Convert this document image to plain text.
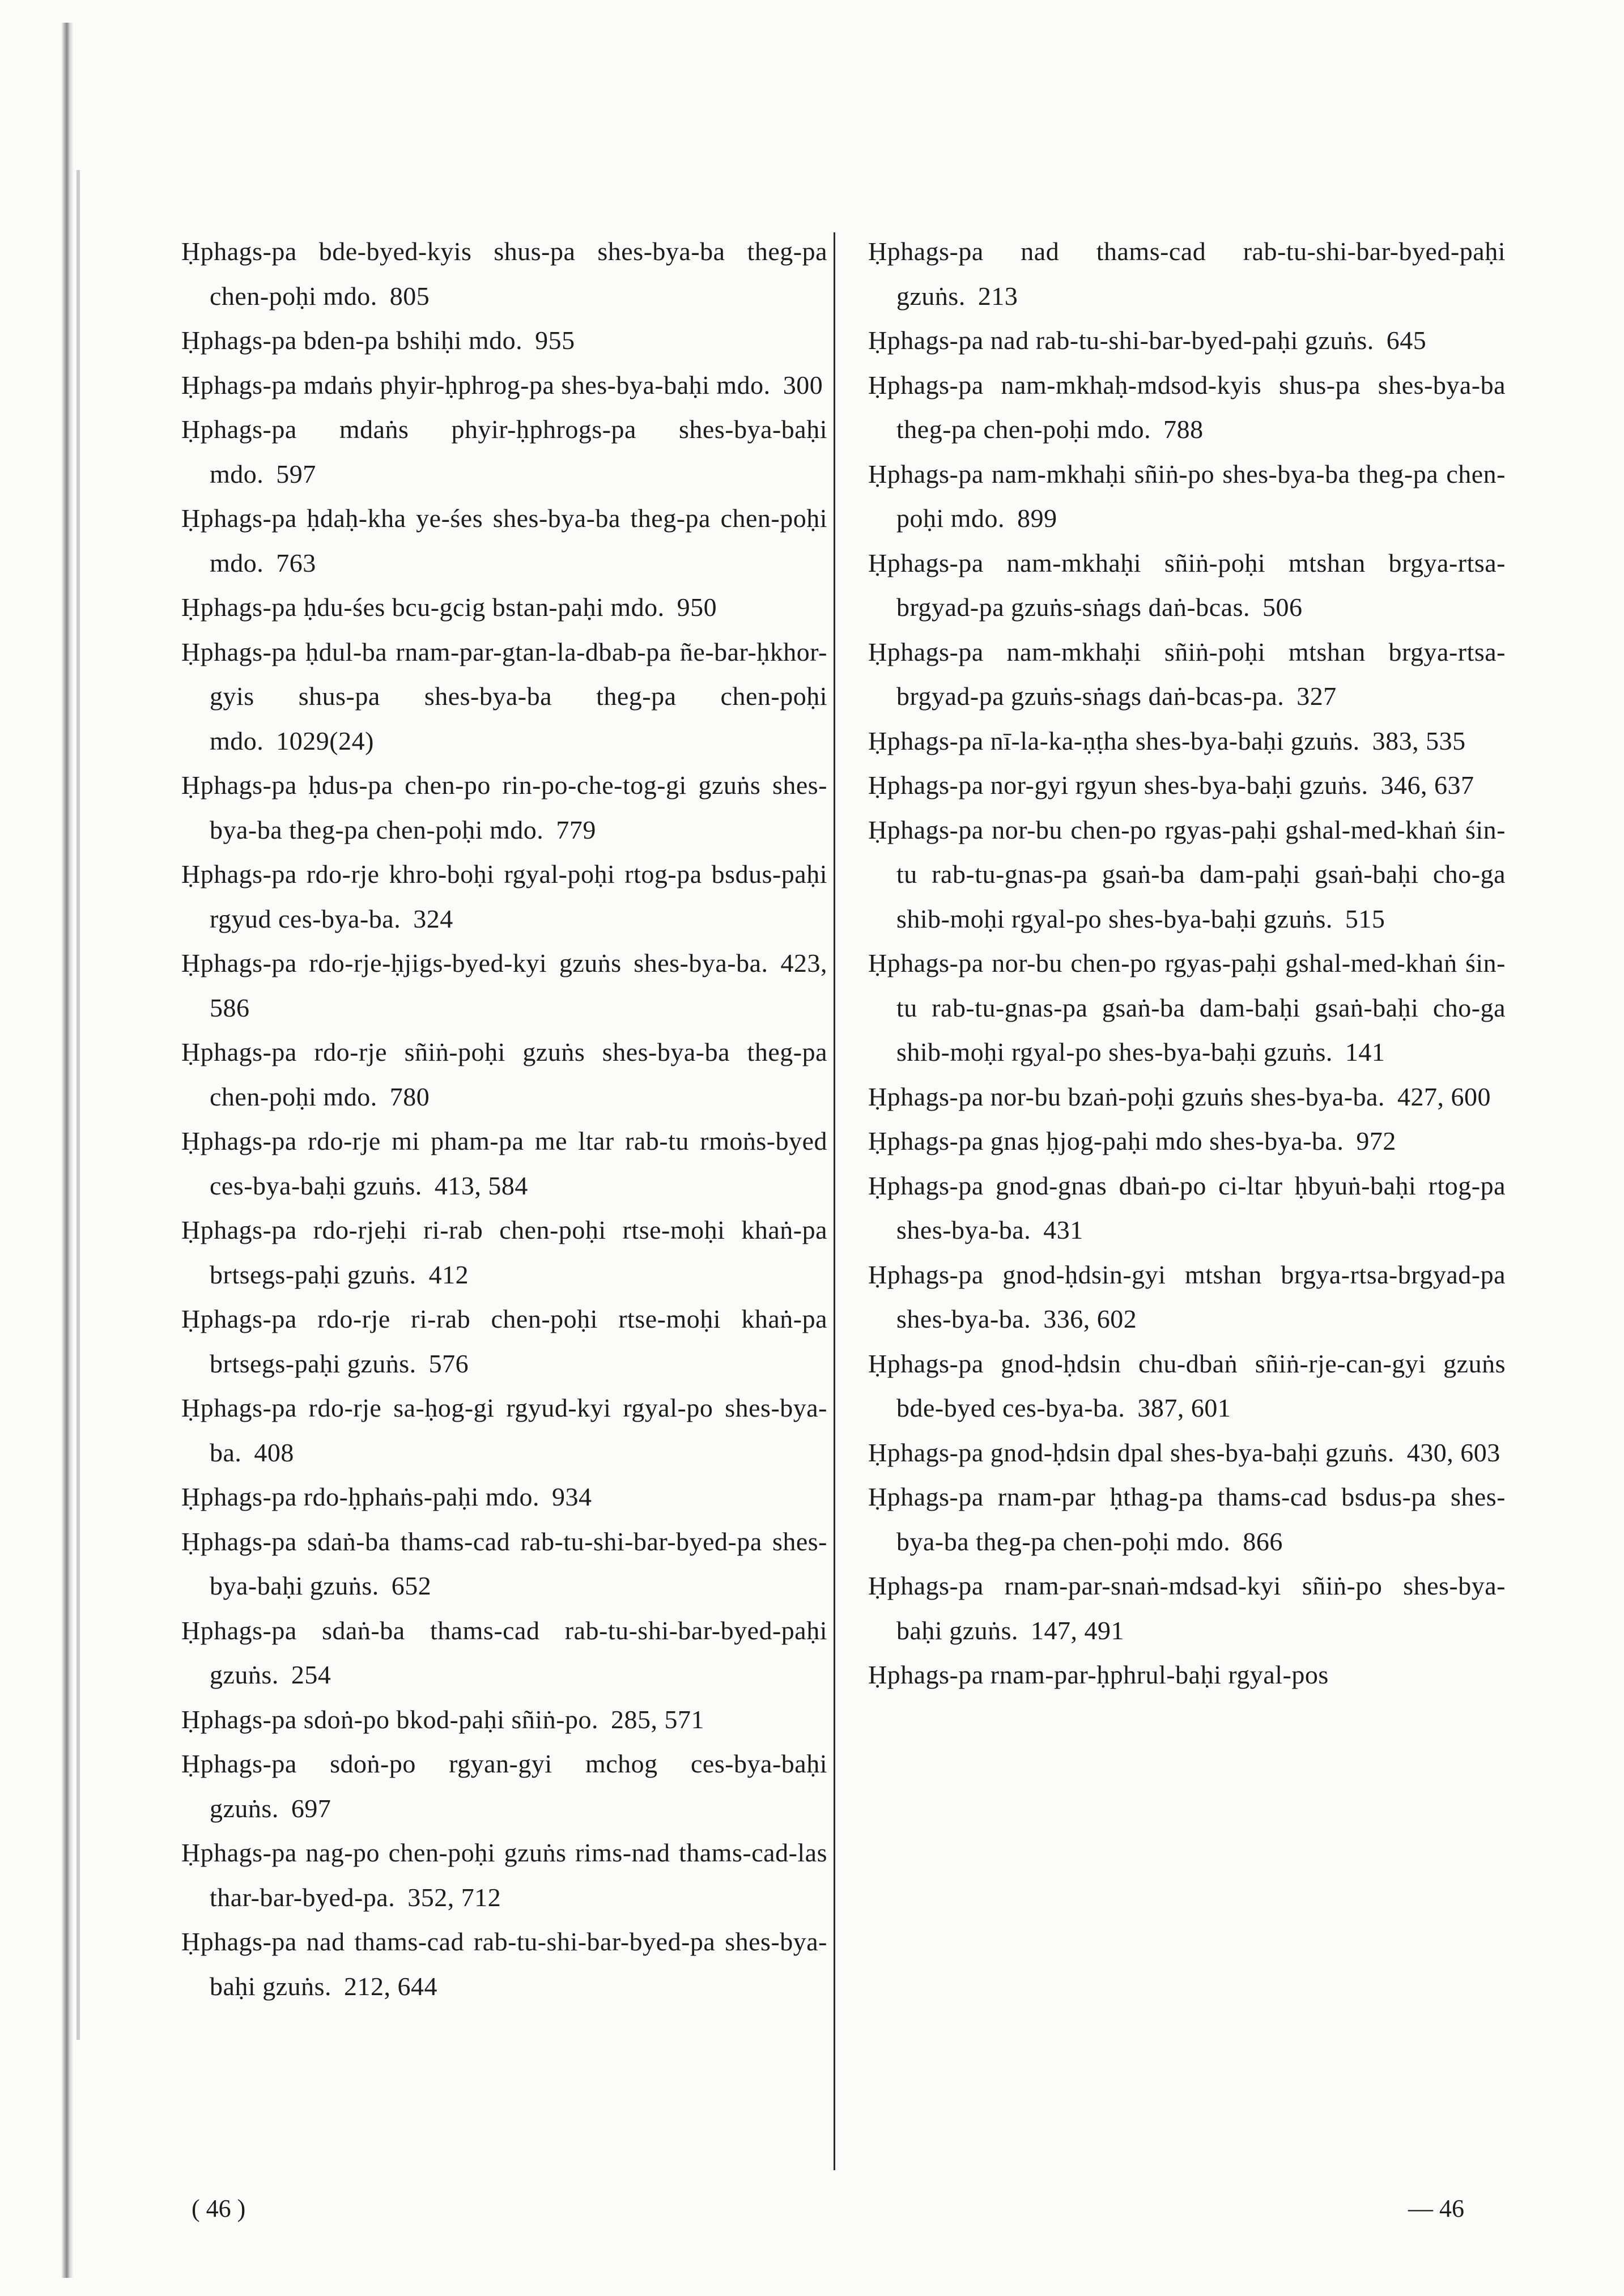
Ḥphags-pa bde-byed-kyis shus-pa shes-bya-ba theg-pa chen-poḥi mdo. 805

Ḥphags-pa bden-pa bshiḥi mdo. 955

Ḥphags-pa mdaṅs phyir-ḥphrog-pa shes-bya-baḥi mdo. 300

Ḥphags-pa mdaṅs phyir-ḥphrogs-pa shes-bya-baḥi mdo. 597

Ḥphags-pa ḥdaḥ-kha ye-śes shes-bya-ba theg-pa chen-poḥi mdo. 763

Ḥphags-pa ḥdu-śes bcu-gcig bstan-paḥi mdo. 950

Ḥphags-pa ḥdul-ba rnam-par-gtan-la-dbab-pa ñe-bar-ḥkhor-gyis shus-pa shes-bya-ba theg-pa chen-poḥi mdo. 1029(24)

Ḥphags-pa ḥdus-pa chen-po rin-po-che-tog-gi gzuṅs shes-bya-ba theg-pa chen-poḥi mdo. 779

Ḥphags-pa rdo-rje khro-boḥi rgyal-poḥi rtog-pa bsdus-paḥi rgyud ces-bya-ba. 324

Ḥphags-pa rdo-rje-ḥjigs-byed-kyi gzuṅs shes-bya-ba. 423, 586

Ḥphags-pa rdo-rje sñiṅ-poḥi gzuṅs shes-bya-ba theg-pa chen-poḥi mdo. 780

Ḥphags-pa rdo-rje mi pham-pa me ltar rab-tu rmoṅs-byed ces-bya-baḥi gzuṅs. 413, 584

Ḥphags-pa rdo-rjeḥi ri-rab chen-poḥi rtse-moḥi khaṅ-pa brtsegs-paḥi gzuṅs. 412

Ḥphags-pa rdo-rje ri-rab chen-poḥi rtse-moḥi khaṅ-pa brtsegs-paḥi gzuṅs. 576

Ḥphags-pa rdo-rje sa-ḥog-gi rgyud-kyi rgyal-po shes-bya-ba. 408

Ḥphags-pa rdo-ḥphaṅs-paḥi mdo. 934

Ḥphags-pa sdaṅ-ba thams-cad rab-tu-shi-bar-byed-pa shes-bya-baḥi gzuṅs. 652

Ḥphags-pa sdaṅ-ba thams-cad rab-tu-shi-bar-byed-paḥi gzuṅs. 254

Ḥphags-pa sdoṅ-po bkod-paḥi sñiṅ-po. 285, 571

Ḥphags-pa sdoṅ-po rgyan-gyi mchog ces-bya-baḥi gzuṅs. 697

Ḥphags-pa nag-po chen-poḥi gzuṅs rims-nad thams-cad-las thar-bar-byed-pa. 352, 712

Ḥphags-pa nad thams-cad rab-tu-shi-bar-byed-pa shes-bya-baḥi gzuṅs. 212, 644

Ḥphags-pa nad thams-cad rab-tu-shi-bar-byed-paḥi gzuṅs. 213

Ḥphags-pa nad rab-tu-shi-bar-byed-paḥi gzuṅs. 645

Ḥphags-pa nam-mkhaḥ-mdsod-kyis shus-pa shes-bya-ba theg-pa chen-poḥi mdo. 788

Ḥphags-pa nam-mkhaḥi sñiṅ-po shes-bya-ba theg-pa chen-poḥi mdo. 899

Ḥphags-pa nam-mkhaḥi sñiṅ-poḥi mtshan brgya-rtsa-brgyad-pa gzuṅs-sṅags daṅ-bcas. 506

Ḥphags-pa nam-mkhaḥi sñiṅ-poḥi mtshan brgya-rtsa-brgyad-pa gzuṅs-sṅags daṅ-bcas-pa. 327

Ḥphags-pa nī-la-ka-ṇṭha shes-bya-baḥi gzuṅs. 383, 535

Ḥphags-pa nor-gyi rgyun shes-bya-baḥi gzuṅs. 346, 637

Ḥphags-pa nor-bu chen-po rgyas-paḥi gshal-med-khaṅ śin-tu rab-tu-gnas-pa gsaṅ-ba dam-paḥi gsaṅ-baḥi cho-ga shib-moḥi rgyal-po shes-bya-baḥi gzuṅs. 515

Ḥphags-pa nor-bu chen-po rgyas-paḥi gshal-med-khaṅ śin-tu rab-tu-gnas-pa gsaṅ-ba dam-baḥi gsaṅ-baḥi cho-ga shib-moḥi rgyal-po shes-bya-baḥi gzuṅs. 141

Ḥphags-pa nor-bu bzaṅ-poḥi gzuṅs shes-bya-ba. 427, 600

Ḥphags-pa gnas ḥjog-paḥi mdo shes-bya-ba. 972

Ḥphags-pa gnod-gnas dbaṅ-po ci-ltar ḥbyuṅ-baḥi rtog-pa shes-bya-ba. 431

Ḥphags-pa gnod-ḥdsin-gyi mtshan brgya-rtsa-brgyad-pa shes-bya-ba. 336, 602

Ḥphags-pa gnod-ḥdsin chu-dbaṅ sñiṅ-rje-can-gyi gzuṅs bde-byed ces-bya-ba. 387, 601

Ḥphags-pa gnod-ḥdsin dpal shes-bya-baḥi gzuṅs. 430, 603

Ḥphags-pa rnam-par ḥthag-pa thams-cad bsdus-pa shes-bya-ba theg-pa chen-poḥi mdo. 866

Ḥphags-pa rnam-par-snaṅ-mdsad-kyi sñiṅ-po shes-bya-baḥi gzuṅs. 147, 491

Ḥphags-pa rnam-par-ḥphrul-baḥi rgyal-pos

( 46 )	— 46
